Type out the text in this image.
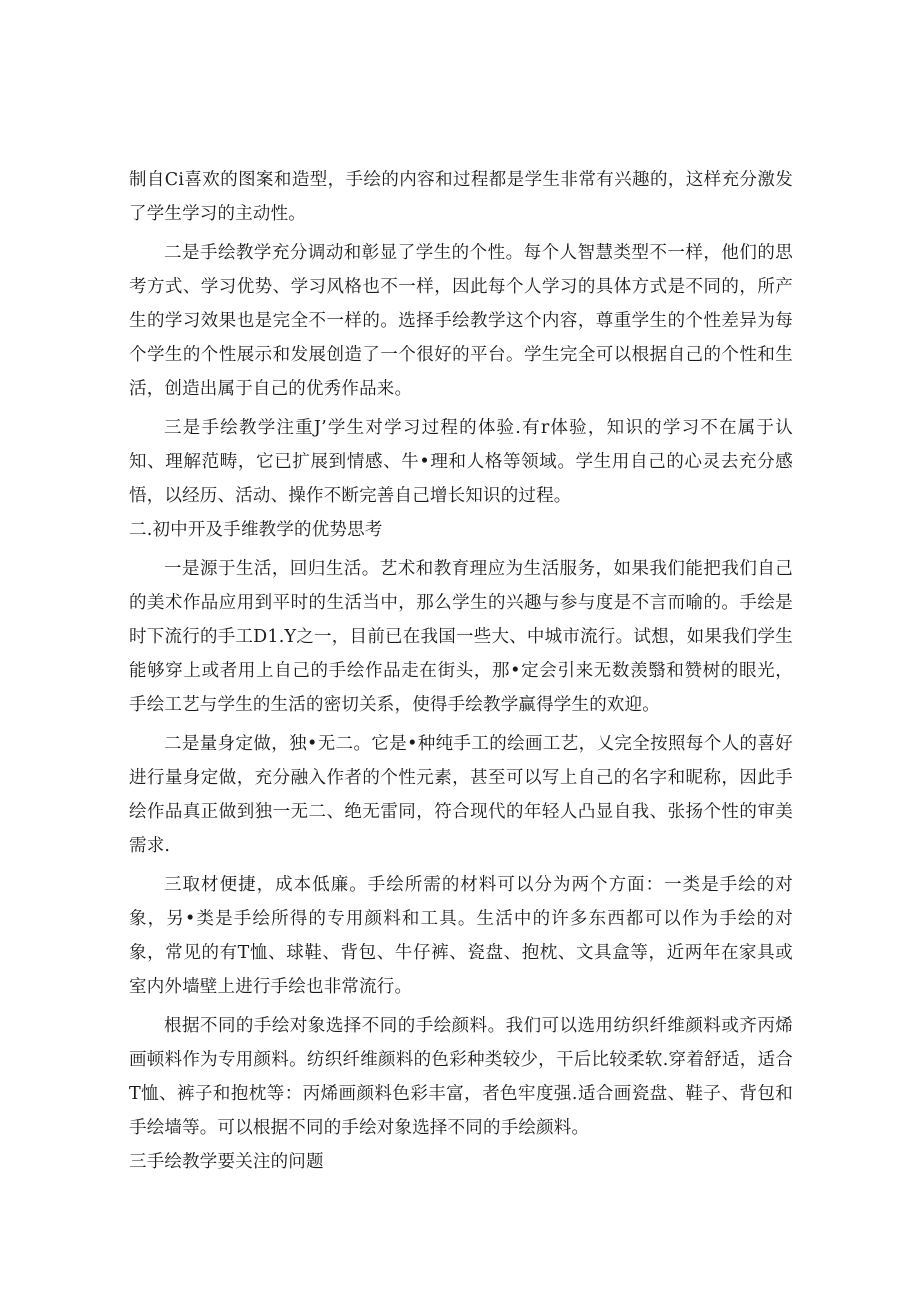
制自Ci喜欢的图案和造型，手绘的内容和过程都是学生非常有兴趣的，这样充分激发了学生学习的主动性。

二是手绘教学充分调动和彰显了学生的个性。每个人智慧类型不一样，他们的思考方式、学习优势、学习风格也不一样，因此每个人学习的具体方式是不同的，所产生的学习效果也是完全不一样的。选择手绘教学这个内容，尊重学生的个性差异为每个学生的个性展示和发展创造了一个很好的平台。学生完全可以根据自己的个性和生活，创造出属于自己的优秀作品来。

三是手绘教学注重J’学生对学习过程的体验.有r体验，知识的学习不在属于认知、理解范畴，它已扩展到情感、牛•理和人格等领域。学生用自己的心灵去充分感悟，以经历、活动、操作不断完善自己增长知识的过程。

二.初中开及手维教学的优势思考

一是源于生活，回归生活。艺术和教育理应为生活服务，如果我们能把我们自己的美术作品应用到平时的生活当中，那么学生的兴趣与参与度是不言而喻的。手绘是时下流行的手工D1.Y之一，目前已在我国一些大、中城市流行。试想，如果我们学生能够穿上或者用上自己的手绘作品走在街头，那•定会引来无数羡翳和赞树的眼光，手绘工艺与学生的生活的密切关系，使得手绘教学赢得学生的欢迎。

二是量身定做，独•无二。它是•种纯手工的绘画工艺，乂完全按照每个人的喜好进行量身定做，充分融入作者的个性元素，甚至可以写上自己的名字和昵称，因此手绘作品真正做到独一无二、绝无雷同，符合现代的年轻人凸显自我、张扬个性的审美需求.

三取材便捷，成本低廉。手绘所需的材料可以分为两个方面：一类是手绘的对象，另•类是手绘所得的专用颜料和工具。生活中的许多东西都可以作为手绘的对象，常见的有T恤、球鞋、背包、牛仔裤、瓷盘、抱枕、文具盒等，近两年在家具或室内外墙壁上进行手绘也非常流行。

根据不同的手绘对象选择不同的手绘颜料。我们可以选用纺织纤维颜料或齐丙烯画顿料作为专用颜料。纺织纤维颜料的色彩种类较少，干后比较柔软.穿着舒适，适合T恤、裤子和抱枕等：丙烯画颜料色彩丰富，者色牢度强.适合画瓷盘、鞋子、背包和手绘墙等。可以根据不同的手绘对象选择不同的手绘颜料。

三手绘教学要关注的问题
